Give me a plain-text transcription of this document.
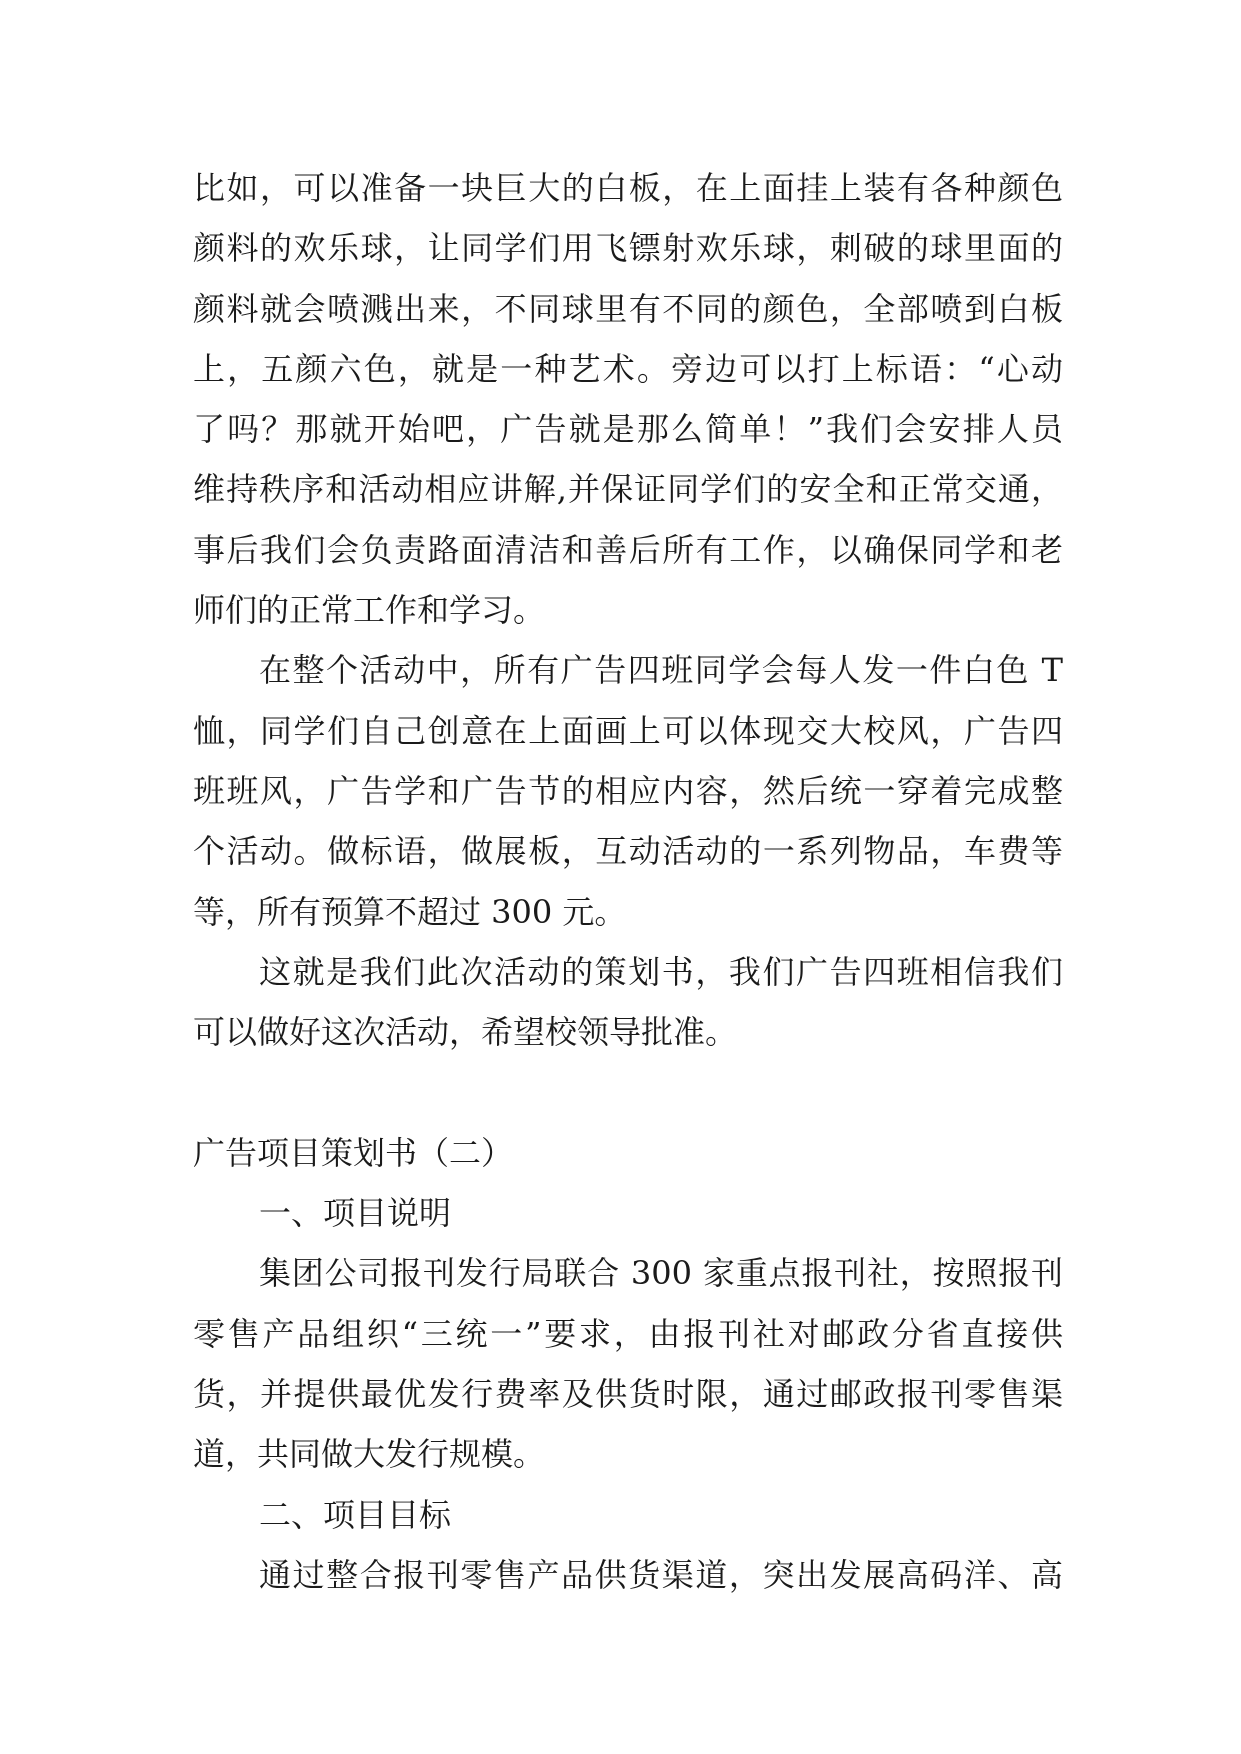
比如，可以准备一块巨大的白板，在上面挂上装有各种颜色
颜料的欢乐球，让同学们用飞镖射欢乐球，刺破的球里面的
颜料就会喷溅出来，不同球里有不同的颜色，全部喷到白板
上，五颜六色，就是一种艺术。旁边可以打上标语：“心动
了吗？那就开始吧，广告就是那么简单！”我们会安排人员
维持秩序和活动相应讲解,并保证同学们的安全和正常交通，
事后我们会负责路面清洁和善后所有工作，以确保同学和老
师们的正常工作和学习。
在整个活动中，所有广告四班同学会每人发一件白色 T
恤，同学们自己创意在上面画上可以体现交大校风，广告四
班班风，广告学和广告节的相应内容，然后统一穿着完成整
个活动。做标语，做展板，互动活动的一系列物品，车费等
等，所有预算不超过 300 元。
这就是我们此次活动的策划书，我们广告四班相信我们
可以做好这次活动，希望校领导批准。
广告项目策划书（二）
一、项目说明
集团公司报刊发行局联合 300 家重点报刊社，按照报刊
零售产品组织“三统一”要求，由报刊社对邮政分省直接供
货，并提供最优发行费率及供货时限，通过邮政报刊零售渠
道，共同做大发行规模。
二、项目目标
通过整合报刊零售产品供货渠道，突出发展高码洋、高
